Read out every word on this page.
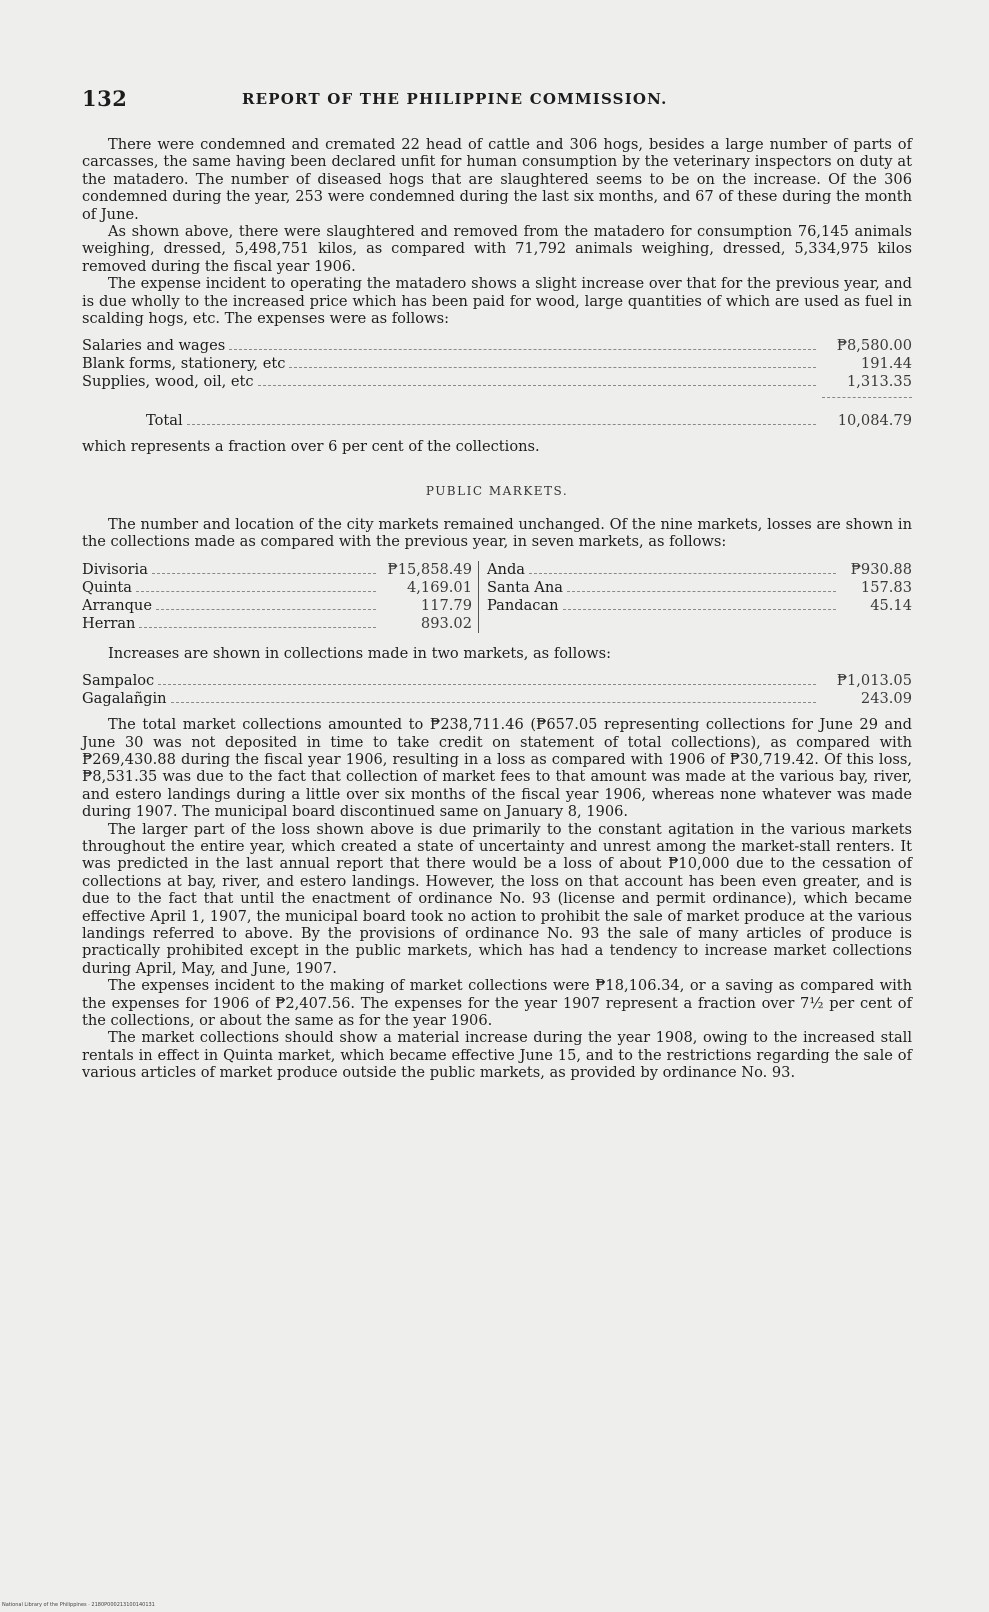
132	REPORT OF THE PHILIPPINE COMMISSION.

There were condemned and cremated 22 head of cattle and 306 hogs, besides a large number of parts of carcasses, the same having been declared unfit for human consumption by the veterinary inspectors on duty at the matadero. The number of diseased hogs that are slaughtered seems to be on the increase. Of the 306 condemned during the year, 253 were condemned during the last six months, and 67 of these during the month of June.

As shown above, there were slaughtered and removed from the matadero for consumption 76,145 animals weighing, dressed, 5,498,751 kilos, as compared with 71,792 animals weighing, dressed, 5,334,975 kilos removed during the fiscal year 1906.

The expense incident to operating the matadero shows a slight increase over that for the previous year, and is due wholly to the increased price which has been paid for wood, large quantities of which are used as fuel in scalding hogs, etc. The expenses were as follows:

Salaries and wages	₱8,580.00
Blank forms, stationery, etc	191.44
Supplies, wood, oil, etc	1,313.35
Total	10,084.79

which represents a fraction over 6 per cent of the collections.

PUBLIC MARKETS.

The number and location of the city markets remained unchanged. Of the nine markets, losses are shown in the collections made as compared with the previous year, in seven markets, as follows:

Divisoria	₱15,858.49
Quinta	4,169.01
Arranque	117.79
Herran	893.02
Anda	₱930.88
Santa Ana	157.83
Pandacan	45.14

Increases are shown in collections made in two markets, as follows:

Sampaloc	₱1,013.05
Gagalañgin	243.09

The total market collections amounted to ₱238,711.46 (₱657.05 representing collections for June 29 and June 30 was not deposited in time to take credit on statement of total collections), as compared with ₱269,430.88 during the fiscal year 1906, resulting in a loss as compared with 1906 of ₱30,719.42. Of this loss, ₱8,531.35 was due to the fact that collection of market fees to that amount was made at the various bay, river, and estero landings during a little over six months of the fiscal year 1906, whereas none whatever was made during 1907. The municipal board discontinued same on January 8, 1906.

The larger part of the loss shown above is due primarily to the constant agitation in the various markets throughout the entire year, which created a state of uncertainty and unrest among the market-stall renters. It was predicted in the last annual report that there would be a loss of about ₱10,000 due to the cessation of collections at bay, river, and estero landings. However, the loss on that account has been even greater, and is due to the fact that until the enactment of ordinance No. 93 (license and permit ordinance), which became effective April 1, 1907, the municipal board took no action to prohibit the sale of market produce at the various landings referred to above. By the provisions of ordinance No. 93 the sale of many articles of produce is practically prohibited except in the public markets, which has had a tendency to increase market collections during April, May, and June, 1907.

The expenses incident to the making of market collections were ₱18,106.34, or a saving as compared with the expenses for 1906 of ₱2,407.56. The expenses for the year 1907 represent a fraction over 7½ per cent of the collections, or about the same as for the year 1906.

The market collections should show a material increase during the year 1908, owing to the increased stall rentals in effect in Quinta market, which became effective June 15, and to the restrictions regarding the sale of various articles of market produce outside the public markets, as provided by ordinance No. 93.

National Library of the Philippines · 2180P000213100140131
